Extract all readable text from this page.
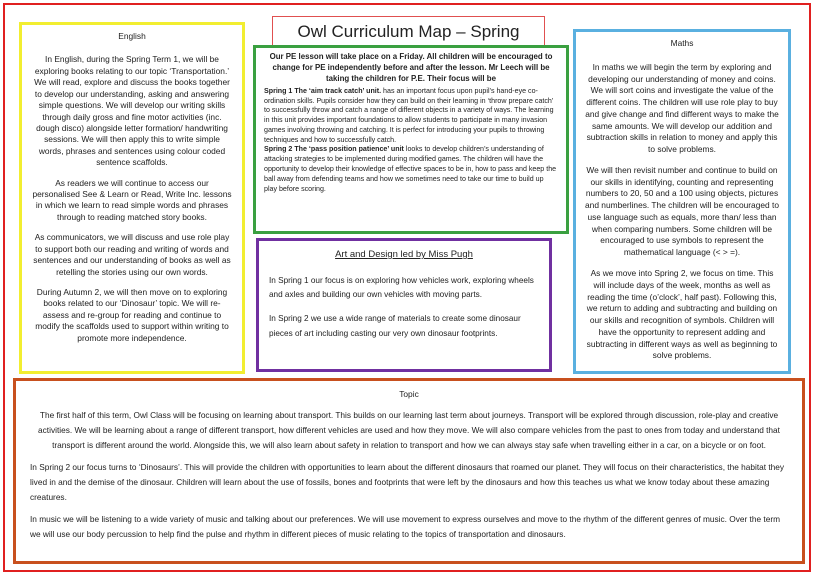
Owl Curriculum Map – Spring
English

In English, during the Spring Term 1, we will be exploring books relating to our topic ‘Transportation.’ We will read, explore and discuss the books together to develop our understanding, asking and answering simple questions. We will develop our writing skills through daily gross and fine motor activities (inc. dough disco) alongside letter formation/ handwriting sessions. We will then apply this to write simple words, phrases and sentences using colour coded sentence scaffolds.

As readers we will continue to access our personalised See & Learn or Read, Write Inc. lessons in which we learn to read simple words and phrases through to reading matched story books.

As communicators, we will discuss and use role play to support both our reading and writing of words and sentences and our understanding of books as well as retelling the stories using our own words.

During Autumn 2, we will then move on to exploring books related to our ‘Dinosaur’ topic. We will re-assess and re-group for reading and continue to modify the scaffolds used to support within writing to promote more independence.

Our PE lesson will take place on a Friday. All children will be encouraged to change for PE independently before and after the lesson. Mr Leech will be taking the children for P.E. Their focus will be

Spring 1 The ‘aim track catch’ unit. has an important focus upon pupil’s hand-eye co-ordination skills. Pupils consider how they can build on their learning in ‘throw prepare catch’ to successfully throw and catch a range of different objects in a variety of ways. The learning in this unit provides important foundations to allow students to participate in many invasion games involving throwing and catching. It is perfect for introducing your pupils to throwing techniques and how to successfully catch.

Spring 2 The ‘pass position patience’ unit looks to develop children’s understanding of attacking strategies to be implemented during modified games. The children will have the opportunity to develop their knowledge of effective spaces to be in, how to pass and keep the ball away from defending teams and how we sometimes need to take our time to build up play before scoring.

Art and Design led by Miss Pugh

In Spring 1 our focus is on exploring how vehicles work, exploring wheels and axles and building our own vehicles with moving parts.

In Spring 2 we use a wide range of materials to create some dinosaur pieces of art including casting our very own dinosaur footprints.

Maths

In maths we will begin the term by exploring and developing our understanding of money and coins. We will sort coins and investigate the value of the different coins. The children will use role play to buy and give change and find different ways to make the same amounts. We will develop our addition and subtraction skills in relation to money and apply this to solve problems.

We will then revisit number and continue to build on our skills in identifying, counting and representing numbers to 20, 50 and a 100 using objects, pictures and numberlines. The children will be encouraged to use language such as equals, more than/ less than when comparing numbers. Some children will be encouraged to use symbols to represent the mathematical language (< > =).

As we move into Spring 2, we focus on time. This will include days of the week, months as well as reading the time (o’clock’, half past). Following this, we return to adding and subtracting and building on our skills and recognition of symbols. Children will have the opportunity to represent adding and subtracting in different ways as well as beginning to solve problems.

Topic

The first half of this term, Owl Class will be focusing on learning about transport. This builds on our learning last term about journeys. Transport will be explored through discussion, role-play and creative activities. We will be learning about a range of different transport, how different vehicles are used and how they move. We will also compare vehicles from the past to ones from today and understand that transport is different around the world. Alongside this, we will also learn about safety in relation to transport and how we can always stay safe when travelling either in a car, on a bicycle or on foot.

In Spring 2 our focus turns to ‘Dinosaurs’. This will provide the children with opportunities to learn about the different dinosaurs that roamed our planet. They will focus on their characteristics, the habitat they lived in and the demise of the dinosaur. Children will learn about the use of fossils, bones and footprints that were left by the dinosaurs and how this teaches us what we know today about these amazing creatures.

In music we will be listening to a wide variety of music and talking about our preferences. We will use movement to express ourselves and move to the rhythm of the different genres of music. Over the term we will use our body percussion to help find the pulse and rhythm in different pieces of music relating to the topics of transportation and dinosaurs.
